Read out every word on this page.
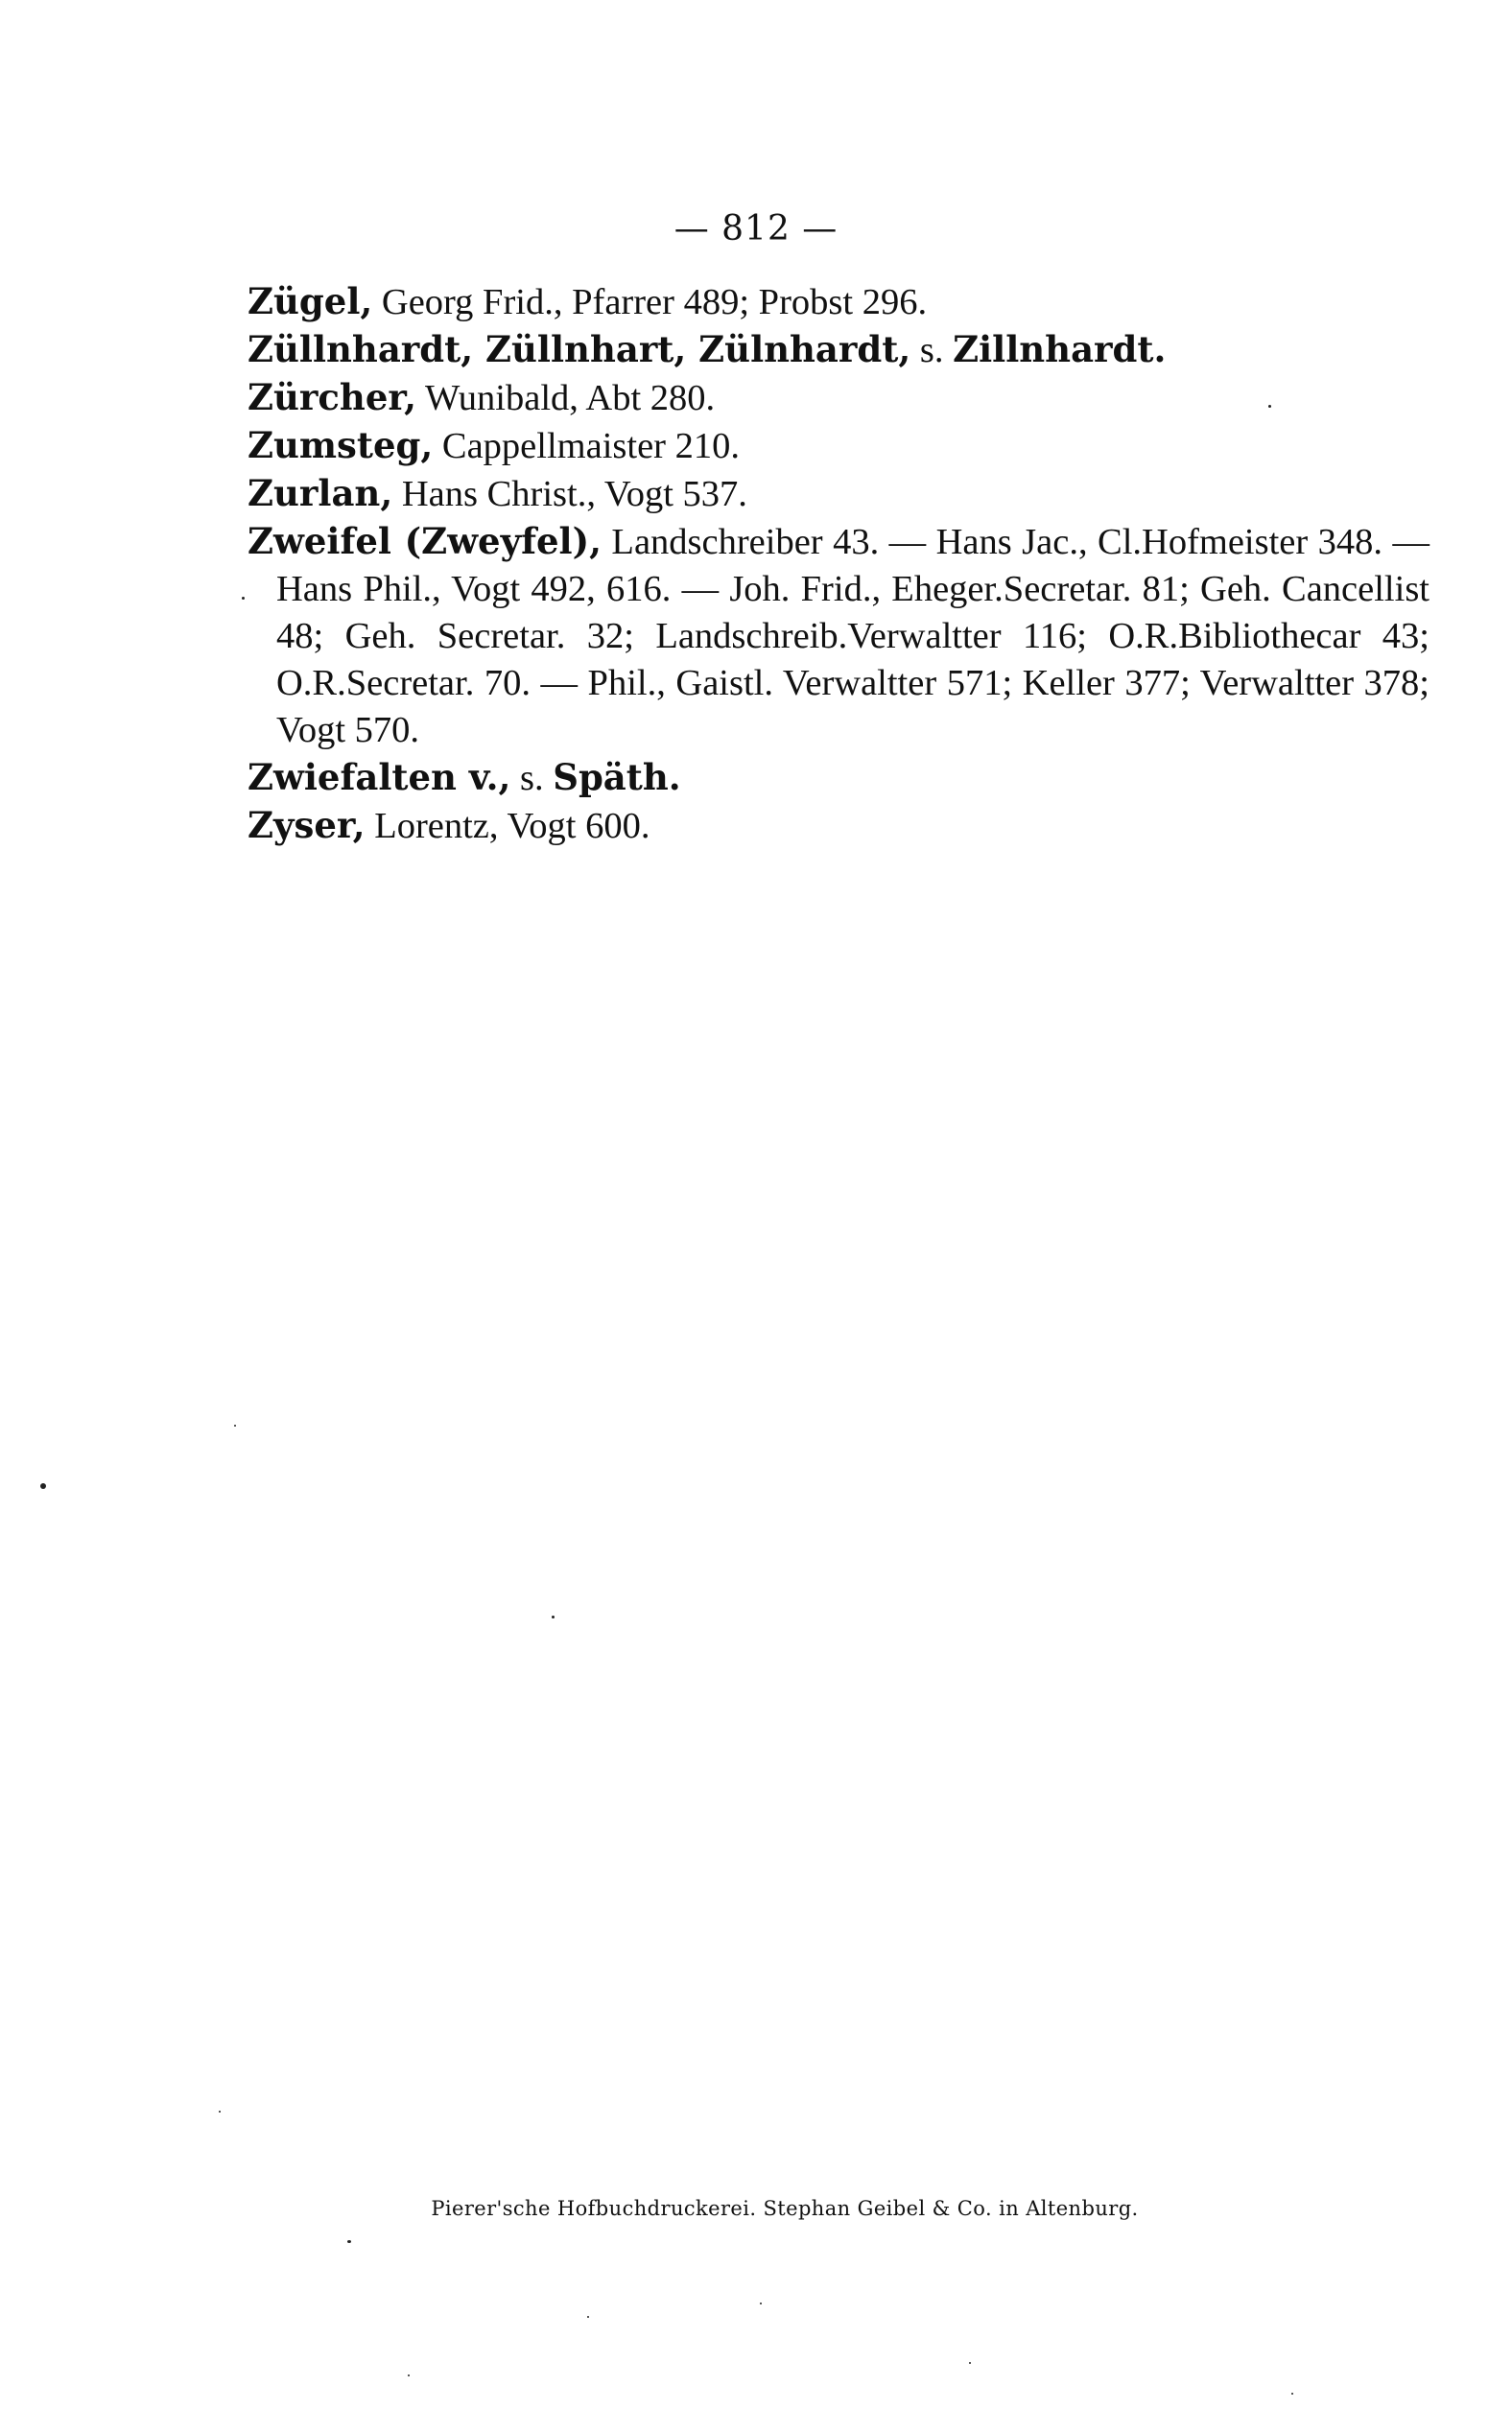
— 812 —

Zügel, Georg Frid., Pfarrer 489; Probst 296.

Züllnhardt, Züllnhart, Zülnhardt, s. Zillnhardt.

Zürcher, Wunibald, Abt 280.

Zumsteg, Cappellmaister 210.

Zurlan, Hans Christ., Vogt 537.

Zweifel (Zweyfel), Landschreiber 43. — Hans Jac., Cl.Hofmeister 348. — Hans Phil., Vogt 492, 616. — Joh. Frid., Eheger.Secretar. 81; Geh. Cancellist 48; Geh. Secretar. 32; Landschreib.Verwaltter 116; O.R.Bibliothecar 43; O.R.Secretar. 70. — Phil., Gaistl. Verwaltter 571; Keller 377; Verwaltter 378; Vogt 570.

Zwiefalten v., s. Späth.

Zyser, Lorentz, Vogt 600.

Pierer'sche Hofbuchdruckerei. Stephan Geibel & Co. in Altenburg.
